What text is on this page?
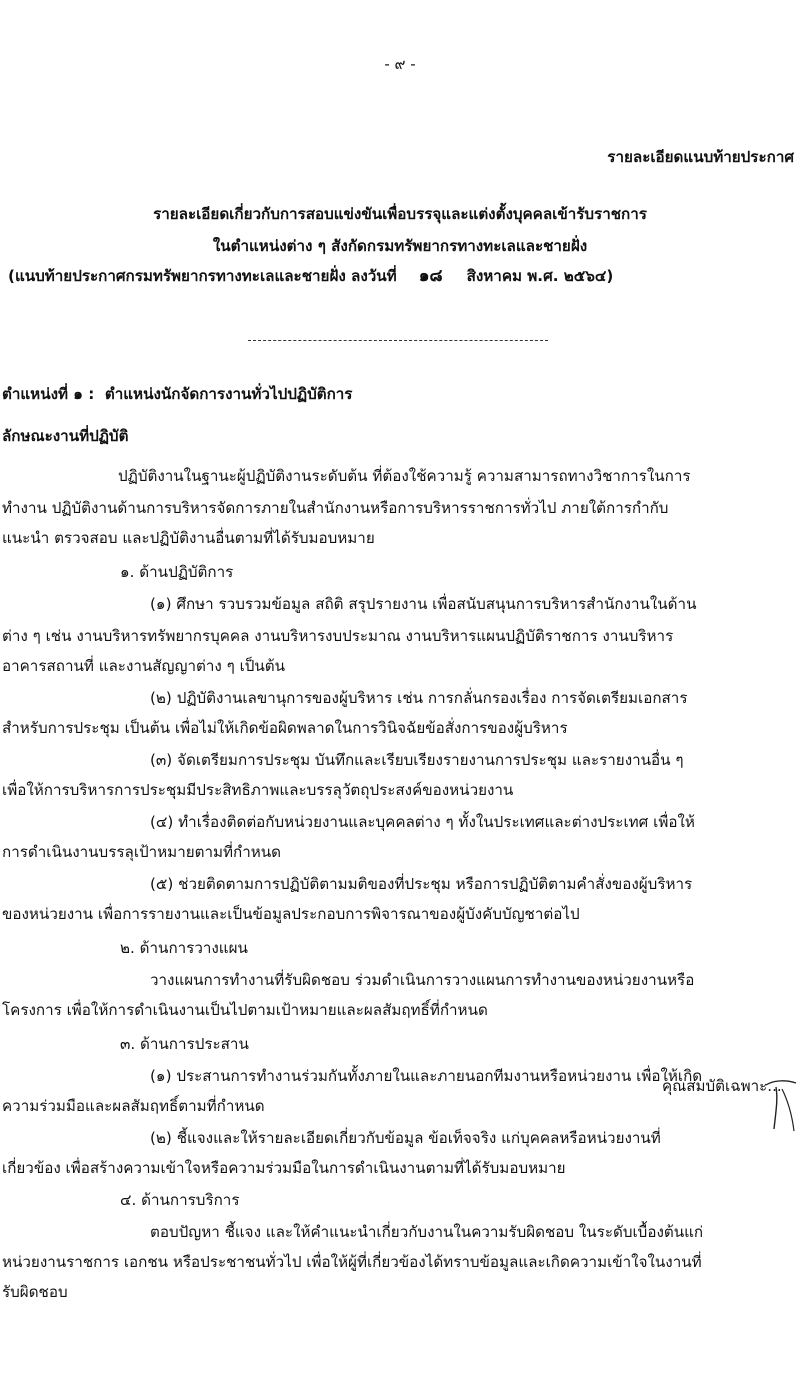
- ๙ -
รายละเอียดแนบท้ายประกาศ
รายละเอียดเกี่ยวกับการสอบแข่งขันเพื่อบรรจุและแต่งตั้งบุคคลเข้ารับราชการ
ในตำแหน่งต่าง ๆ สังกัดกรมทรัพยากรทางทะเลและชายฝั่ง
(แนบท้ายประกาศกรมทรัพยากรทางทะเลและชายฝั่ง ลงวันที่ ๑๘ สิงหาคม พ.ศ. ๒๕๖๔)
ตำแหน่งที่ ๑ : ตำแหน่งนักจัดการงานทั่วไปปฏิบัติการ
ลักษณะงานที่ปฏิบัติ
ปฏิบัติงานในฐานะผู้ปฏิบัติงานระดับต้น ที่ต้องใช้ความรู้ ความสามารถทางวิชาการในการ
ทำงาน ปฏิบัติงานด้านการบริหารจัดการภายในสำนักงานหรือการบริหารราชการทั่วไป ภายใต้การกำกับ
แนะนำ ตรวจสอบ และปฏิบัติงานอื่นตามที่ได้รับมอบหมาย
๑. ด้านปฏิบัติการ
(๑) ศึกษา รวบรวมข้อมูล สถิติ สรุปรายงาน เพื่อสนับสนุนการบริหารสำนักงานในด้าน
ต่าง ๆ เช่น งานบริหารทรัพยากรบุคคล งานบริหารงบประมาณ งานบริหารแผนปฏิบัติราชการ งานบริหาร
อาคารสถานที่ และงานสัญญาต่าง ๆ เป็นต้น
(๒) ปฏิบัติงานเลขานุการของผู้บริหาร เช่น การกลั่นกรองเรื่อง การจัดเตรียมเอกสาร
สำหรับการประชุม เป็นต้น เพื่อไม่ให้เกิดข้อผิดพลาดในการวินิจฉัยข้อสั่งการของผู้บริหาร
(๓) จัดเตรียมการประชุม บันทึกและเรียบเรียงรายงานการประชุม และรายงานอื่น ๆ
เพื่อให้การบริหารการประชุมมีประสิทธิภาพและบรรลุวัตถุประสงค์ของหน่วยงาน
(๔) ทำเรื่องติดต่อกับหน่วยงานและบุคคลต่าง ๆ ทั้งในประเทศและต่างประเทศ เพื่อให้
การดำเนินงานบรรลุเป้าหมายตามที่กำหนด
(๕) ช่วยติดตามการปฏิบัติตามมติของที่ประชุม หรือการปฏิบัติตามคำสั่งของผู้บริหาร
ของหน่วยงาน เพื่อการรายงานและเป็นข้อมูลประกอบการพิจารณาของผู้บังคับบัญชาต่อไป
๒. ด้านการวางแผน
วางแผนการทำงานที่รับผิดชอบ ร่วมดำเนินการวางแผนการทำงานของหน่วยงานหรือ
โครงการ เพื่อให้การดำเนินงานเป็นไปตามเป้าหมายและผลสัมฤทธิ์ที่กำหนด
๓. ด้านการประสาน
(๑) ประสานการทำงานร่วมกันทั้งภายในและภายนอกทีมงานหรือหน่วยงาน เพื่อให้เกิด
ความร่วมมือและผลสัมฤทธิ์ตามที่กำหนด
(๒) ชี้แจงและให้รายละเอียดเกี่ยวกับข้อมูล ข้อเท็จจริง แก่บุคคลหรือหน่วยงานที่
เกี่ยวข้อง เพื่อสร้างความเข้าใจหรือความร่วมมือในการดำเนินงานตามที่ได้รับมอบหมาย
๔. ด้านการบริการ
ตอบปัญหา ชี้แจง และให้คำแนะนำเกี่ยวกับงานในความรับผิดชอบ ในระดับเบื้องต้นแก่
หน่วยงานราชการ เอกชน หรือประชาชนทั่วไป เพื่อให้ผู้ที่เกี่ยวข้องได้ทราบข้อมูลและเกิดความเข้าใจในงานที่
รับผิดชอบ
คุณสมบัติเฉพาะ...
